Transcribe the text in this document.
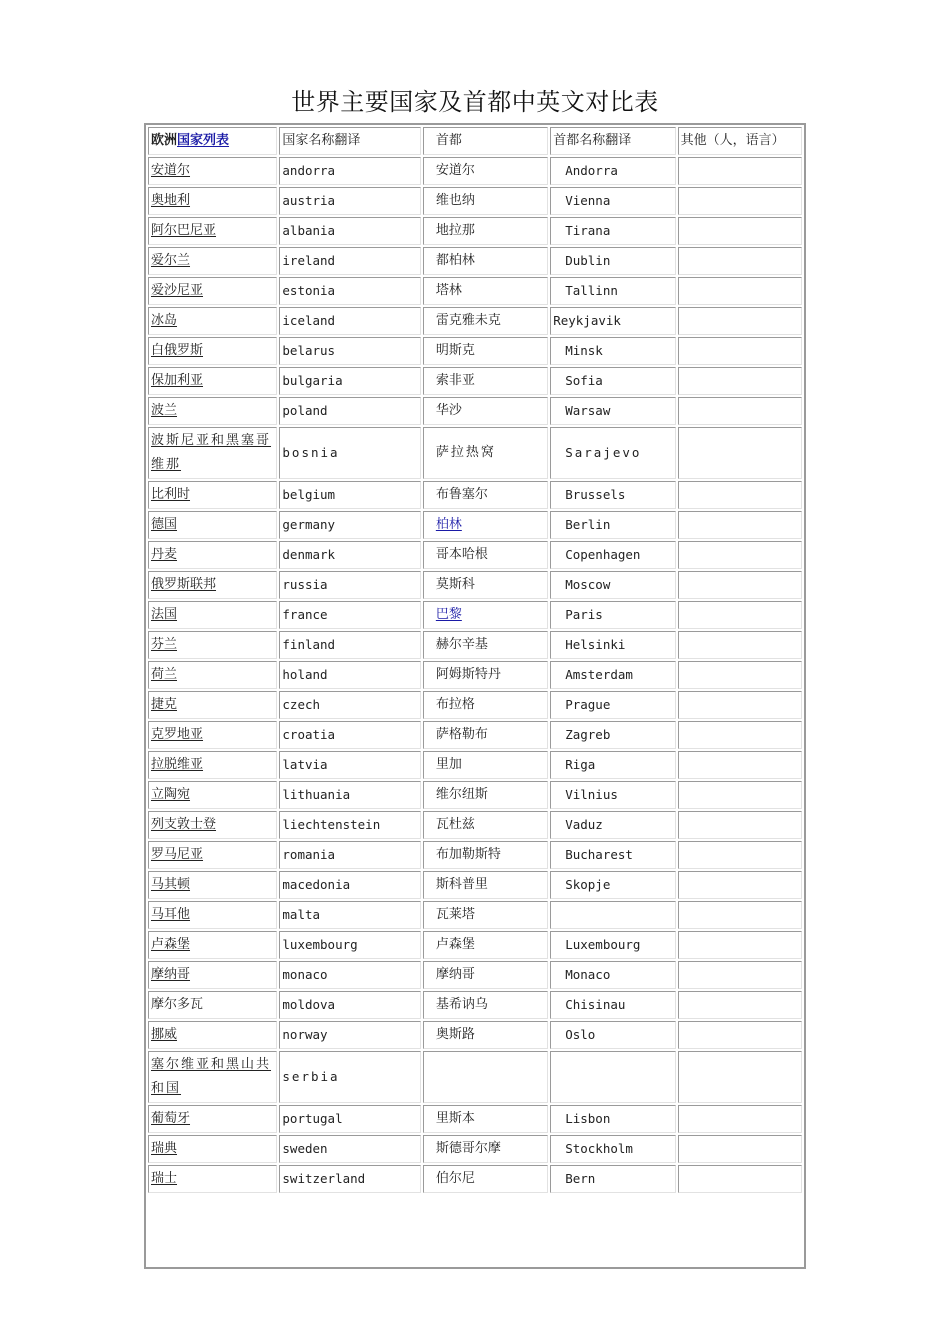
世界主要国家及首都中英文对比表
欧洲国家列表	国家名称翻译	首都	首都名称翻译	其他（人，语言）
安道尔	andorra	安道尔	Andorra	
奥地利	austria	维也纳	Vienna	
阿尔巴尼亚	albania	地拉那	Tirana	
爱尔兰	ireland	都柏林	Dublin	
爱沙尼亚	estonia	塔林	Tallinn	
冰岛	iceland	雷克雅未克	Reykjavik	
白俄罗斯	belarus	明斯克	Minsk	
保加利亚	bulgaria	索非亚	Sofia	
波兰	poland	华沙	Warsaw	
波斯尼亚和黑塞哥维那	bosnia	萨拉热窝	Sarajevo	
比利时	belgium	布鲁塞尔	Brussels	
德国	germany	柏林	Berlin	
丹麦	denmark	哥本哈根	Copenhagen	
俄罗斯联邦	russia	莫斯科	Moscow	
法国	france	巴黎	Paris	
芬兰	finland	赫尔辛基	Helsinki	
荷兰	holand	阿姆斯特丹	Amsterdam	
捷克	czech	布拉格	Prague	
克罗地亚	croatia	萨格勒布	Zagreb	
拉脱维亚	latvia	里加	Riga	
立陶宛	lithuania	维尔纽斯	Vilnius	
列支敦士登	liechtenstein	瓦杜兹	Vaduz	
罗马尼亚	romania	布加勒斯特	Bucharest	
马其顿	macedonia	斯科普里	Skopje	
马耳他	malta	瓦莱塔		
卢森堡	luxembourg	卢森堡	Luxembourg	
摩纳哥	monaco	摩纳哥	Monaco	
摩尔多瓦	moldova	基希讷乌	Chisinau	
挪威	norway	奥斯路	Oslo	
塞尔维亚和黑山共和国	serbia			
葡萄牙	portugal	里斯本	Lisbon	
瑞典	sweden	斯德哥尔摩	Stockholm	
瑞士	switzerland	伯尔尼	Bern	
